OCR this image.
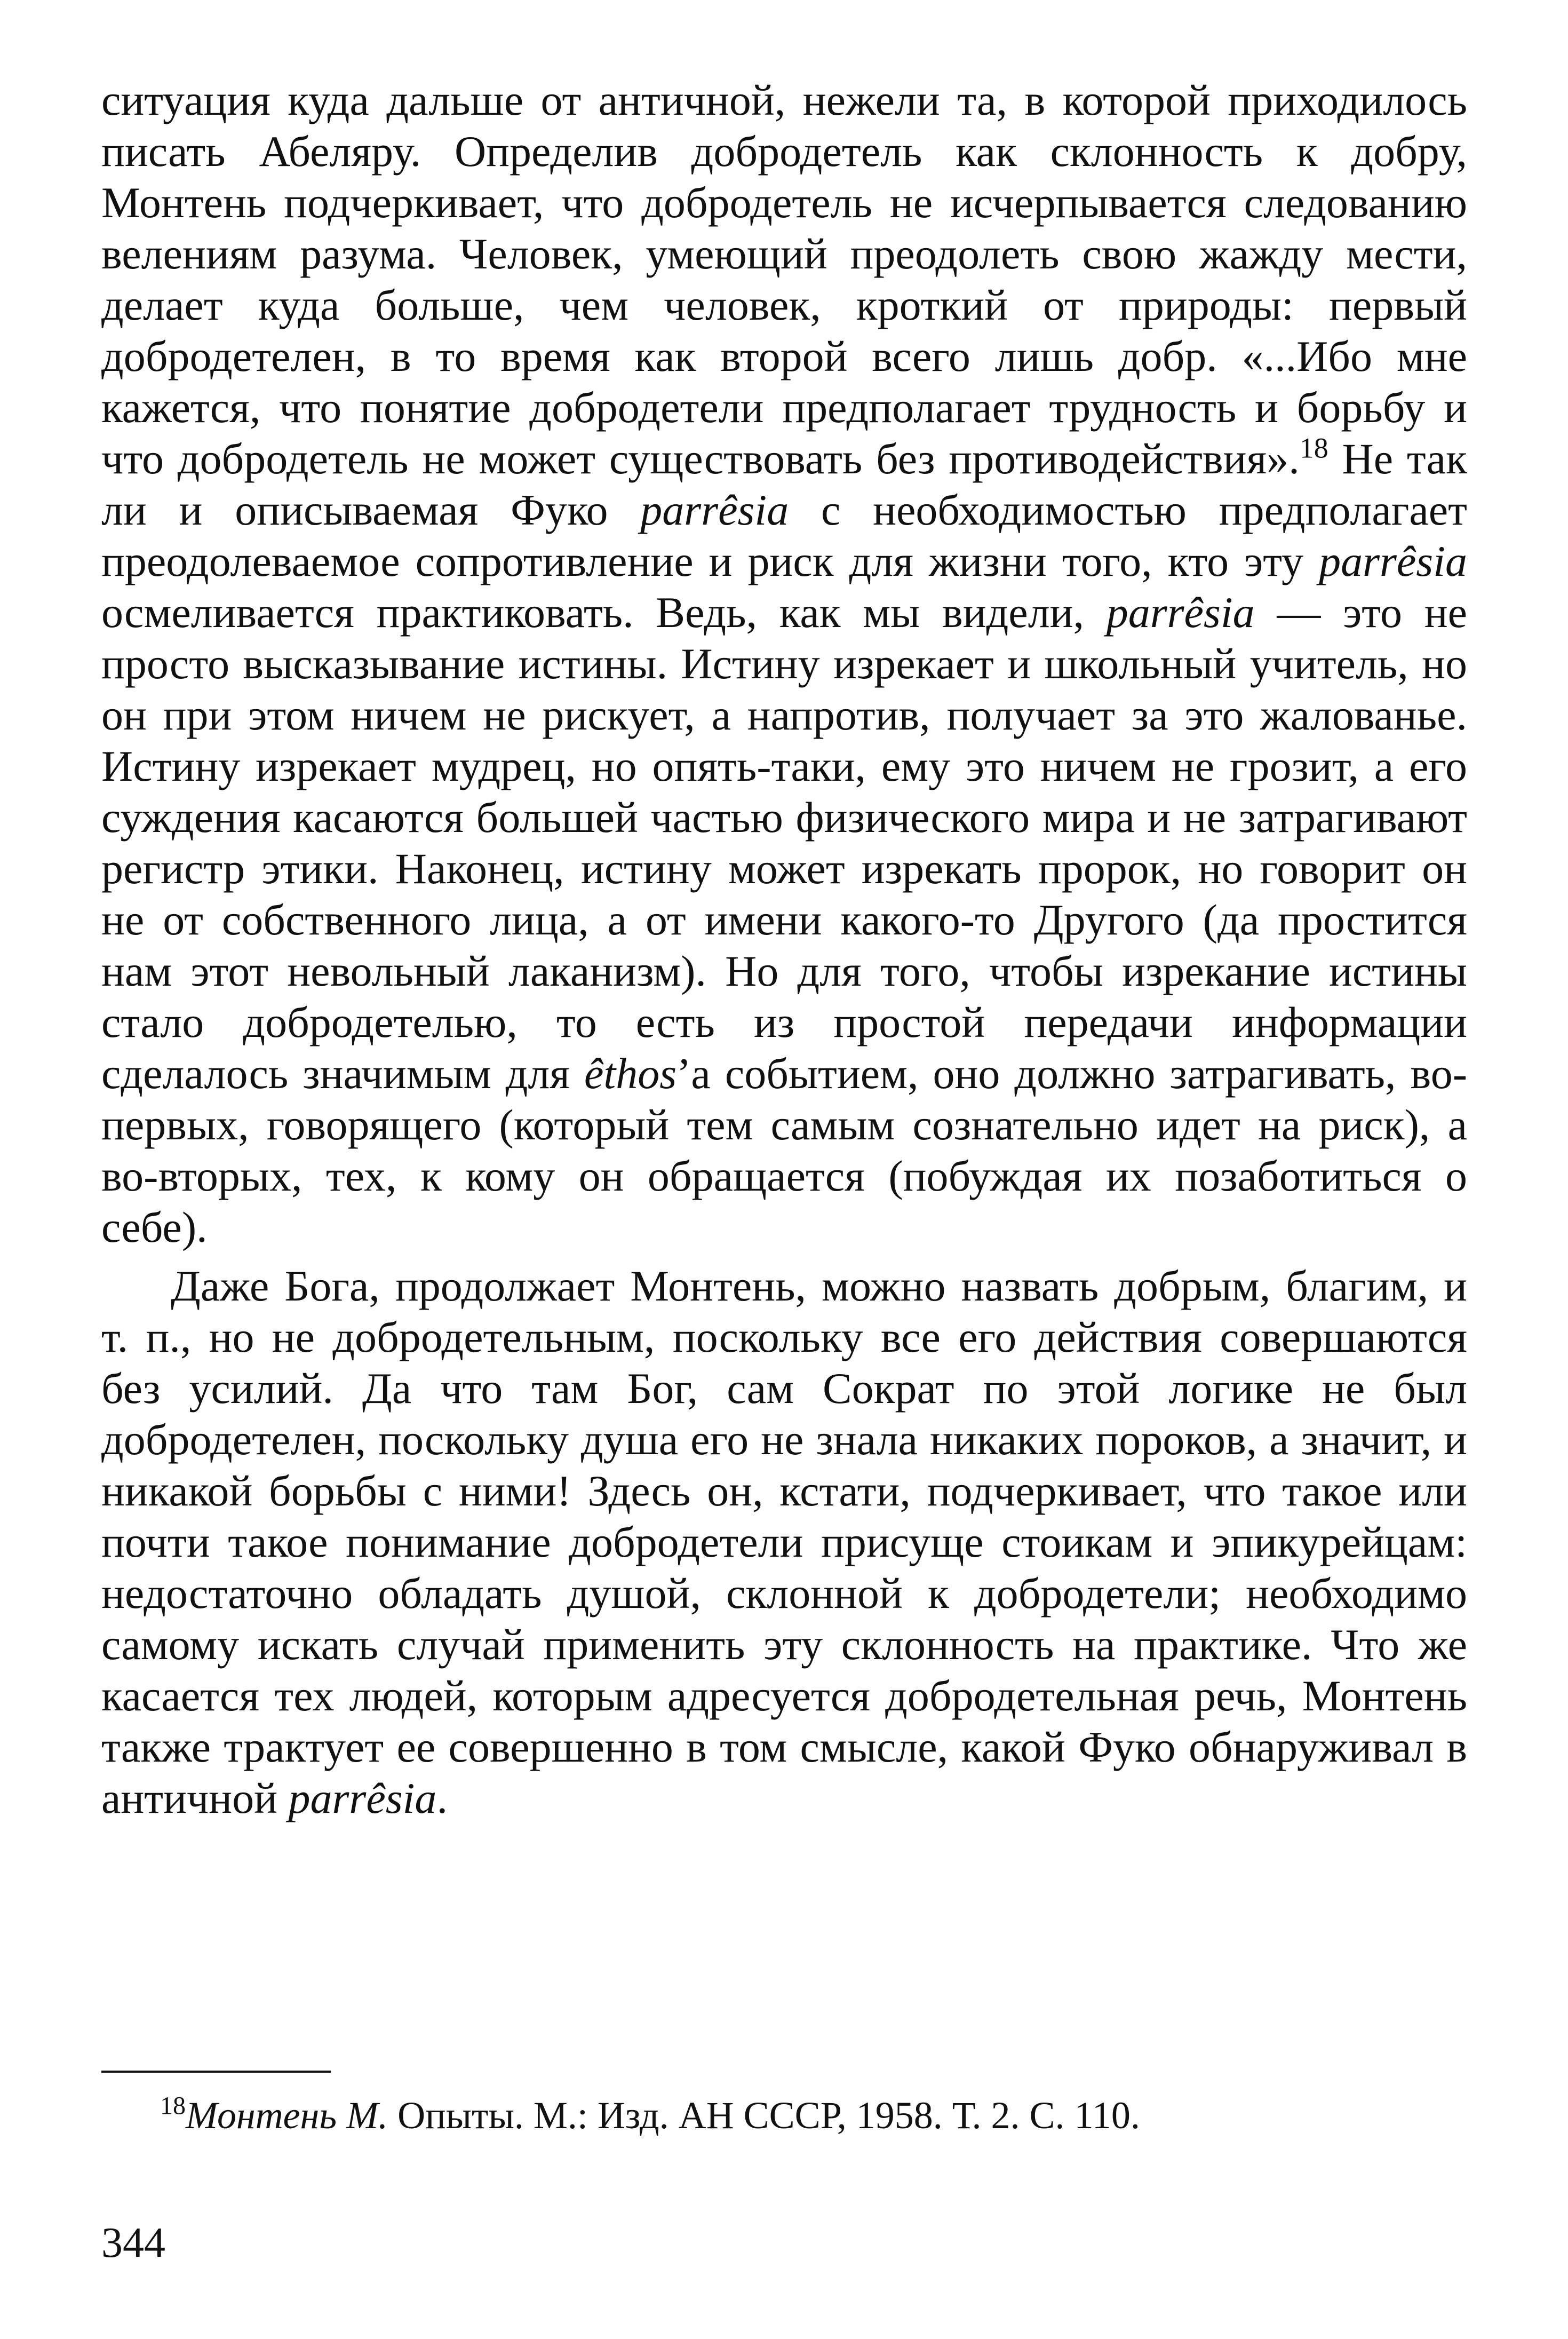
ситуация куда дальше от античной, нежели та, в которой приходилось писать Абеляру. Определив добродетель как склонность к добру, Монтень подчеркивает, что добродетель не исчерпывается следованию велениям разума. Человек, умеющий преодолеть свою жажду мести, делает куда больше, чем человек, кроткий от природы: первый добродетелен, в то время как второй всего лишь добр. «...Ибо мне кажется, что понятие добродетели предполагает трудность и борьбу и что добродетель не может существовать без противодействия».$^{18}$ Не так ли и описываемая Фуко parrêsia с необходимостью предполагает преодолеваемое сопротивление и риск для жизни того, кто эту parrêsia осмеливается практиковать. Ведь, как мы видели, parrêsia — это не просто высказывание истины. Истину изрекает и школьный учитель, но он при этом ничем не рискует, а напротив, получает за это жалованье. Истину изрекает мудрец, но опять-таки, ему это ничем не грозит, а его суждения касаются большей частью физического мира и не затрагивают регистр этики. Наконец, истину может изрекать пророк, но говорит он не от собственного лица, а от имени какого-то Другого (да простится нам этот невольный лаканизм). Но для того, чтобы изрекание истины стало добродетелью, то есть из простой передачи информации сделалось значимым для êthos’а событием, оно должно затрагивать, во-первых, говорящего (который тем самым сознательно идет на риск), а во-вторых, тех, к кому он обращается (побуждая их позаботиться о себе).

Даже Бога, продолжает Монтень, можно назвать добрым, благим, и т. п., но не добродетельным, поскольку все его действия совершаются без усилий. Да что там Бог, сам Сократ по этой логике не был добродетелен, поскольку душа его не знала никаких пороков, а значит, и никакой борьбы с ними! Здесь он, кстати, подчеркивает, что такое или почти такое понимание добродетели присуще стоикам и эпикурейцам: недостаточно обладать душой, склонной к добродетели; необходимо самому искать случай применить эту склонность на практике. Что же касается тех людей, которым адресуется добродетельная речь, Монтень также трактует ее совершенно в том смысле, какой Фуко обнаруживал в античной parrêsia.

$^{18}$Монтень М. Опыты. М.: Изд. АН СССР, 1958. Т. 2. С. 110.

344
